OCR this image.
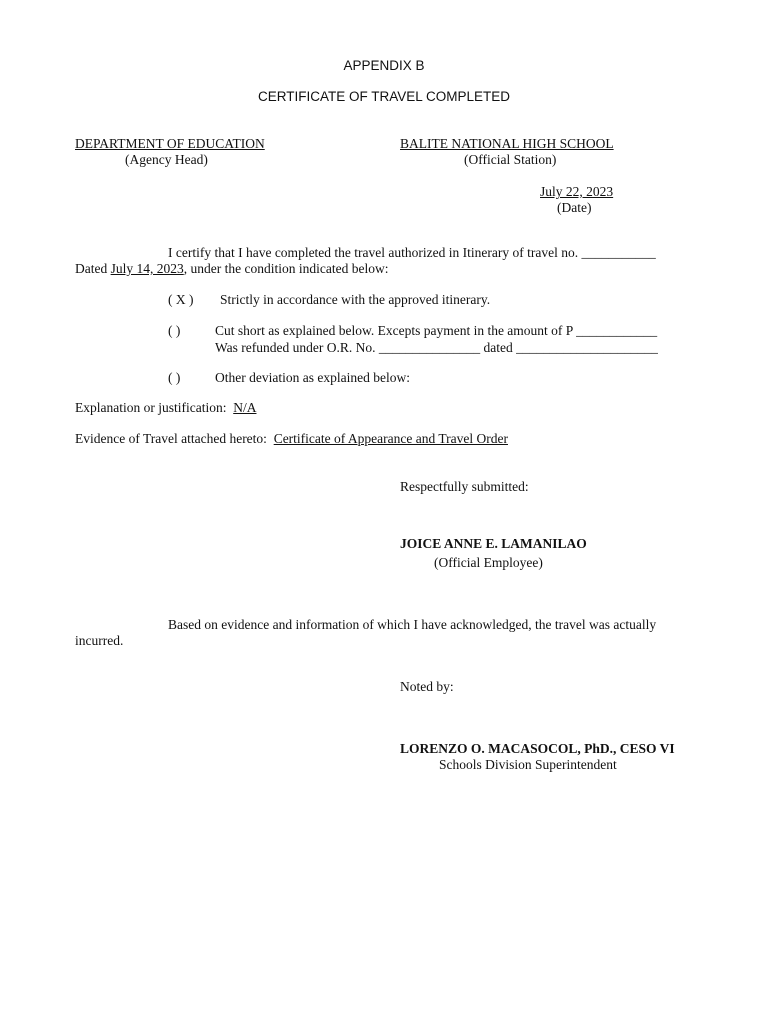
APPENDIX B
CERTIFICATE OF TRAVEL COMPLETED
DEPARTMENT OF EDUCATION
(Agency Head)
BALITE NATIONAL HIGH SCHOOL
(Official Station)
July 22, 2023
(Date)
I certify that I have completed the travel authorized in Itinerary of travel no. ___________
Dated July 14, 2023, under the condition indicated below:
( X ) Strictly in accordance with the approved itinerary.
( )	Cut short as explained below. Excepts payment in the amount of P ____________
Was refunded under O.R. No. _______________ dated _____________________
( )	Other deviation as explained below:
Explanation or justification: N/A
Evidence of Travel attached hereto: Certificate of Appearance and Travel Order
Respectfully submitted:
JOICE ANNE E. LAMANILAO
(Official Employee)
Based on evidence and information of which I have acknowledged, the travel was actually
incurred.
Noted by:
LORENZO O. MACASOCOL, PhD., CESO VI
Schools Division Superintendent
